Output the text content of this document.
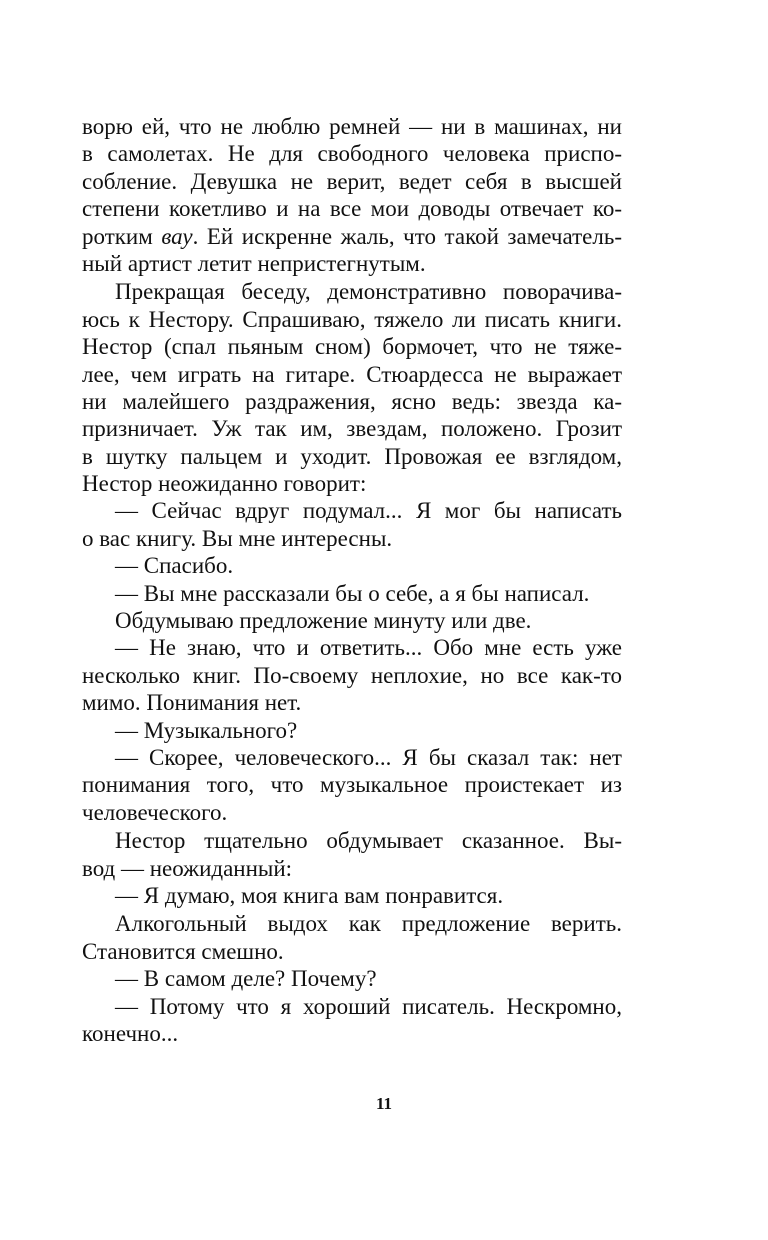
ворю ей, что не люблю ремней — ни в машинах, ни
в самолетах. Не для свободного человека приспо-
собление. Девушка не верит, ведет себя в высшей
степени кокетливо и на все мои доводы отвечает ко-
ротким вау. Ей искренне жаль, что такой замечатель-
ный артист летит непристегнутым.
Прекращая беседу, демонстративно поворачива-
юсь к Нестору. Спрашиваю, тяжело ли писать книги.
Нестор (спал пьяным сном) бормочет, что не тяже-
лее, чем играть на гитаре. Стюардесса не выражает
ни малейшего раздражения, ясно ведь: звезда ка-
призничает. Уж так им, звездам, положено. Грозит
в шутку пальцем и уходит. Провожая ее взглядом,
Нестор неожиданно говорит:
— Сейчас вдруг подумал... Я мог бы написать
о вас книгу. Вы мне интересны.
— Спасибо.
— Вы мне рассказали бы о себе, а я бы написал.
Обдумываю предложение минуту или две.
— Не знаю, что и ответить... Обо мне есть уже
несколько книг. По-своему неплохие, но все как-то
мимо. Понимания нет.
— Музыкального?
— Скорее, человеческого... Я бы сказал так: нет
понимания того, что музыкальное проистекает из
человеческого.
Нестор тщательно обдумывает сказанное. Вы-
вод — неожиданный:
— Я думаю, моя книга вам понравится.
Алкогольный выдох как предложение верить.
Становится смешно.
— В самом деле? Почему?
— Потому что я хороший писатель. Нескромно,
конечно...
11
